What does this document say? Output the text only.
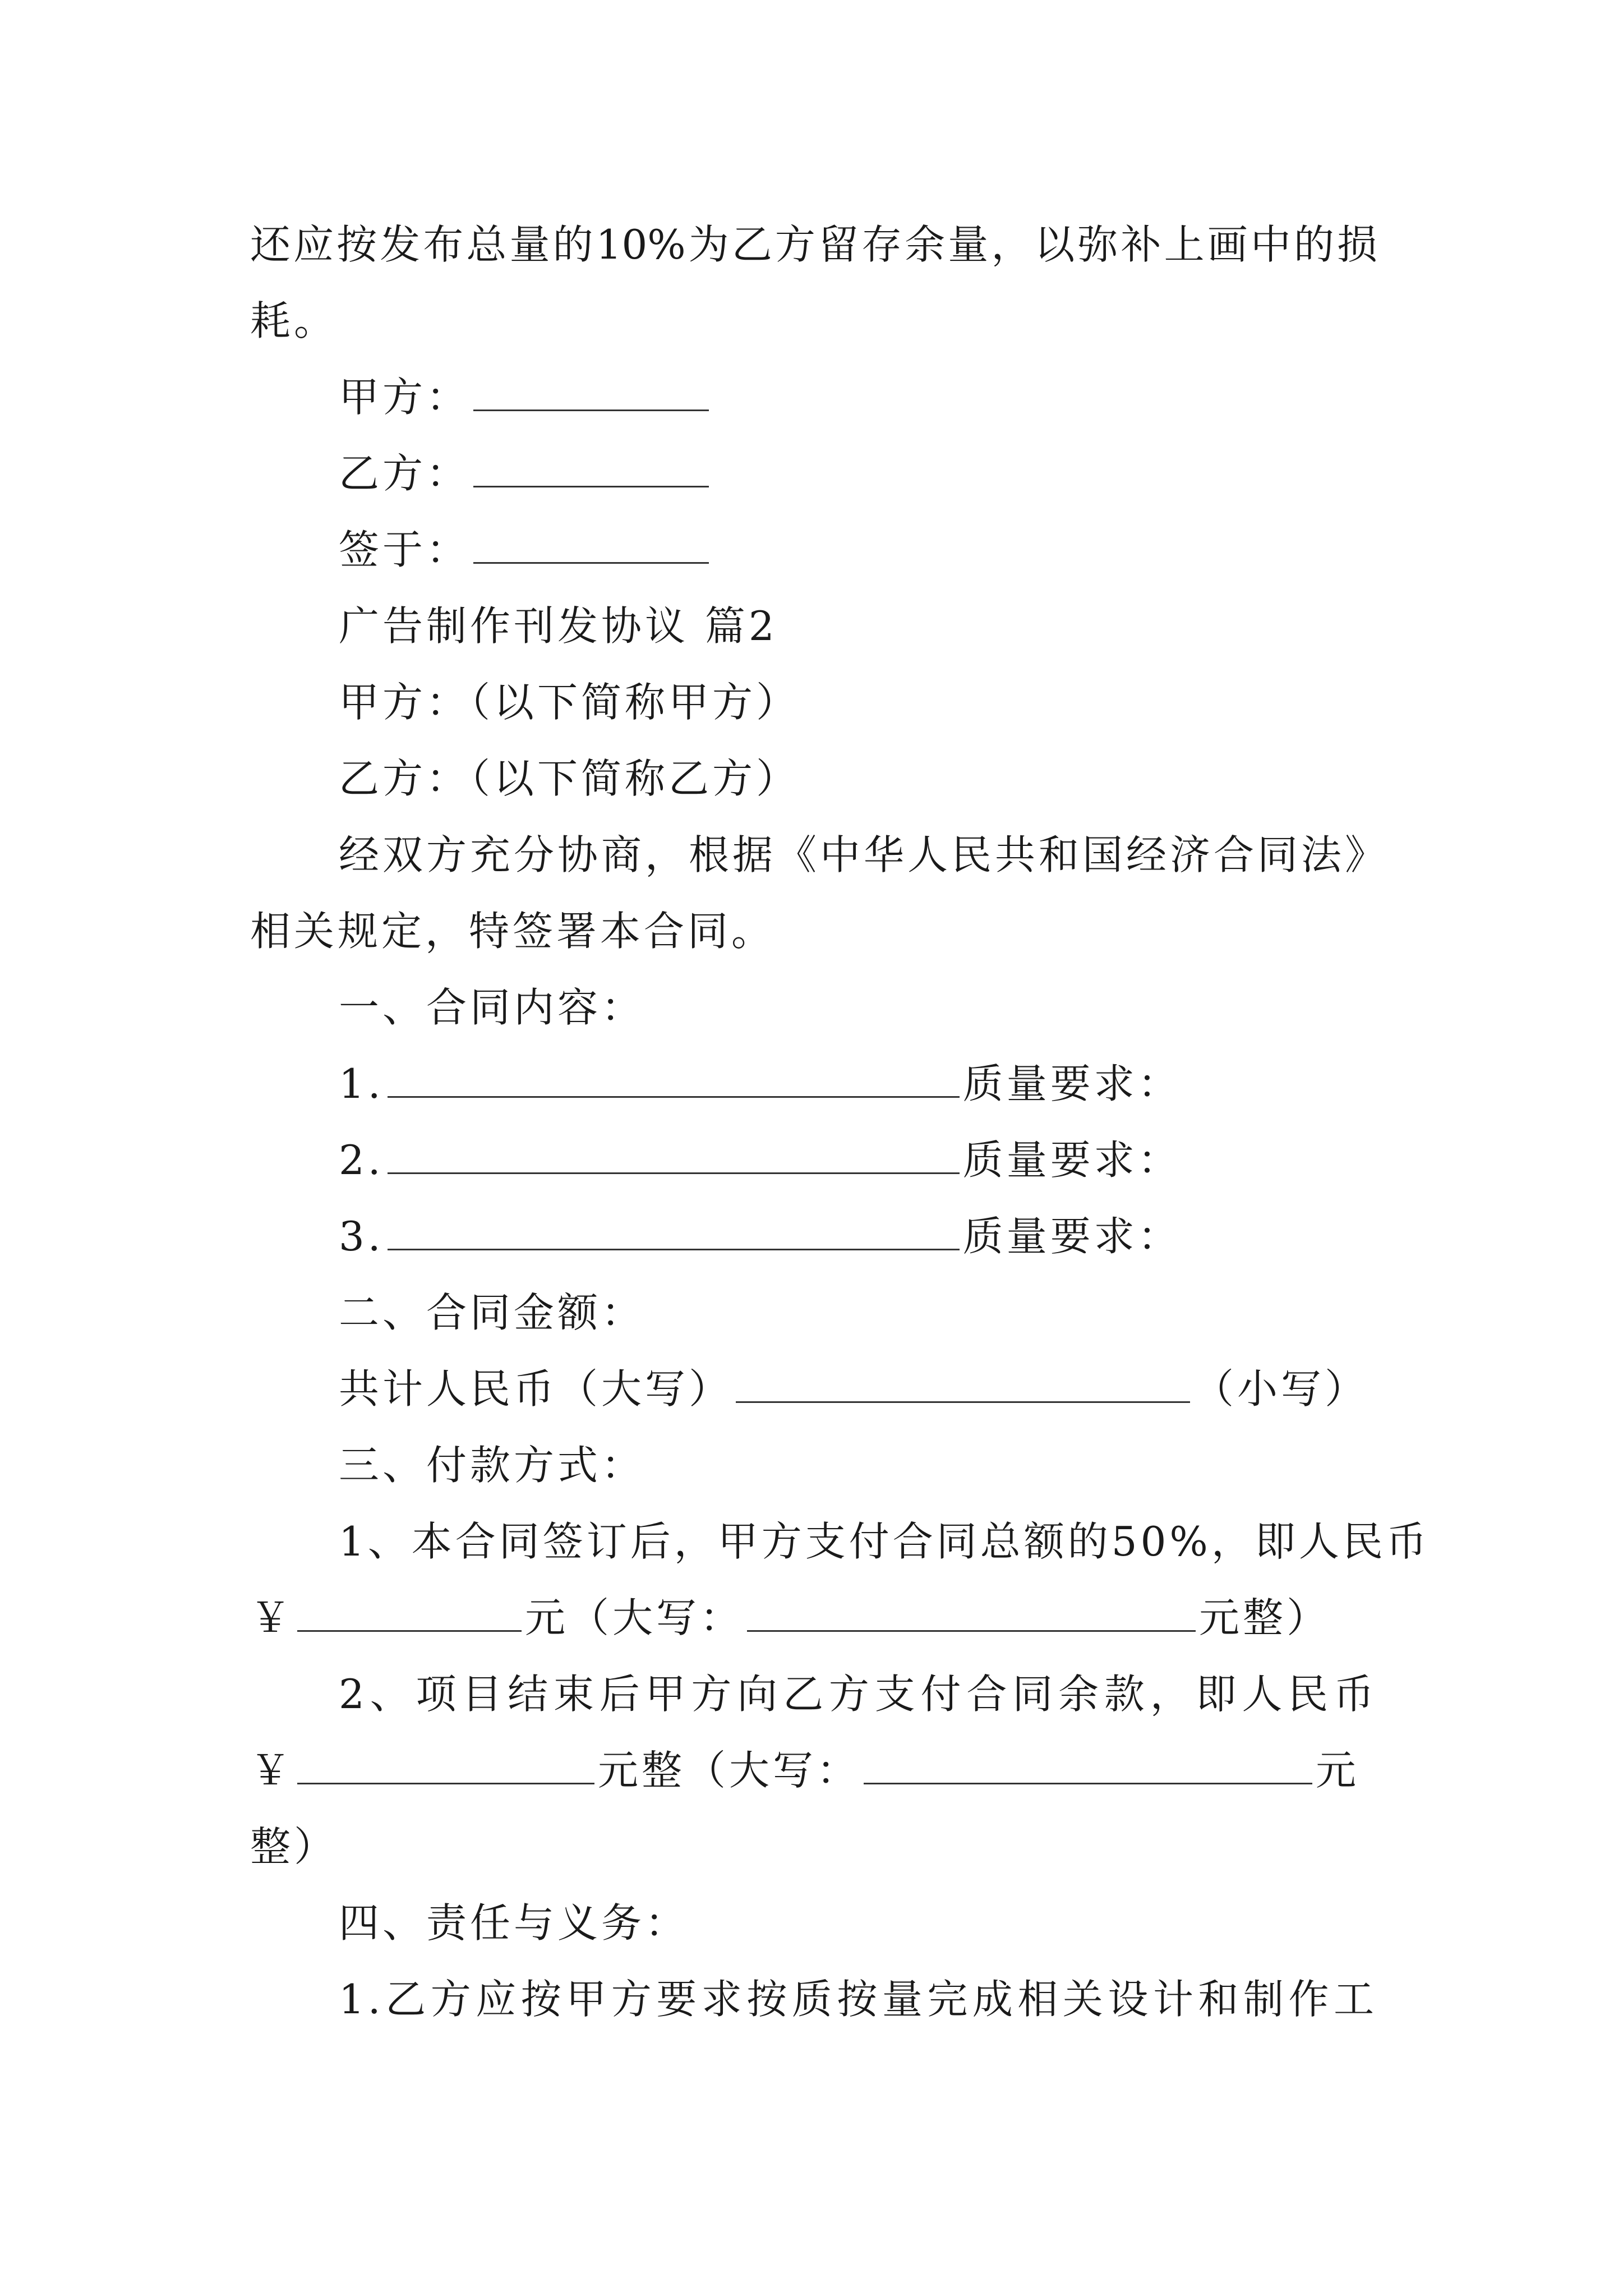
还应按发布总量的10%为乙方留存余量，以弥补上画中的损
耗。
甲方：
乙方：
签于：
广告制作刊发协议 篇2
甲方：（以下简称甲方）
乙方：（以下简称乙方）
经双方充分协商，根据《中华人民共和国经济合同法》
相关规定，特签署本合同。
一、合同内容：
1.	质量要求：
2.	质量要求：
3.	质量要求：
二、合同金额：
共计人民币（大写）	（小写）
三、付款方式：
1、本合同签订后，甲方支付合同总额的50%，即人民币
￥	元（大写：	元整）
2、项目结束后甲方向乙方支付合同余款，即人民币
￥	元整（大写：	元
整）
四、责任与义务：
1.乙方应按甲方要求按质按量完成相关设计和制作工
